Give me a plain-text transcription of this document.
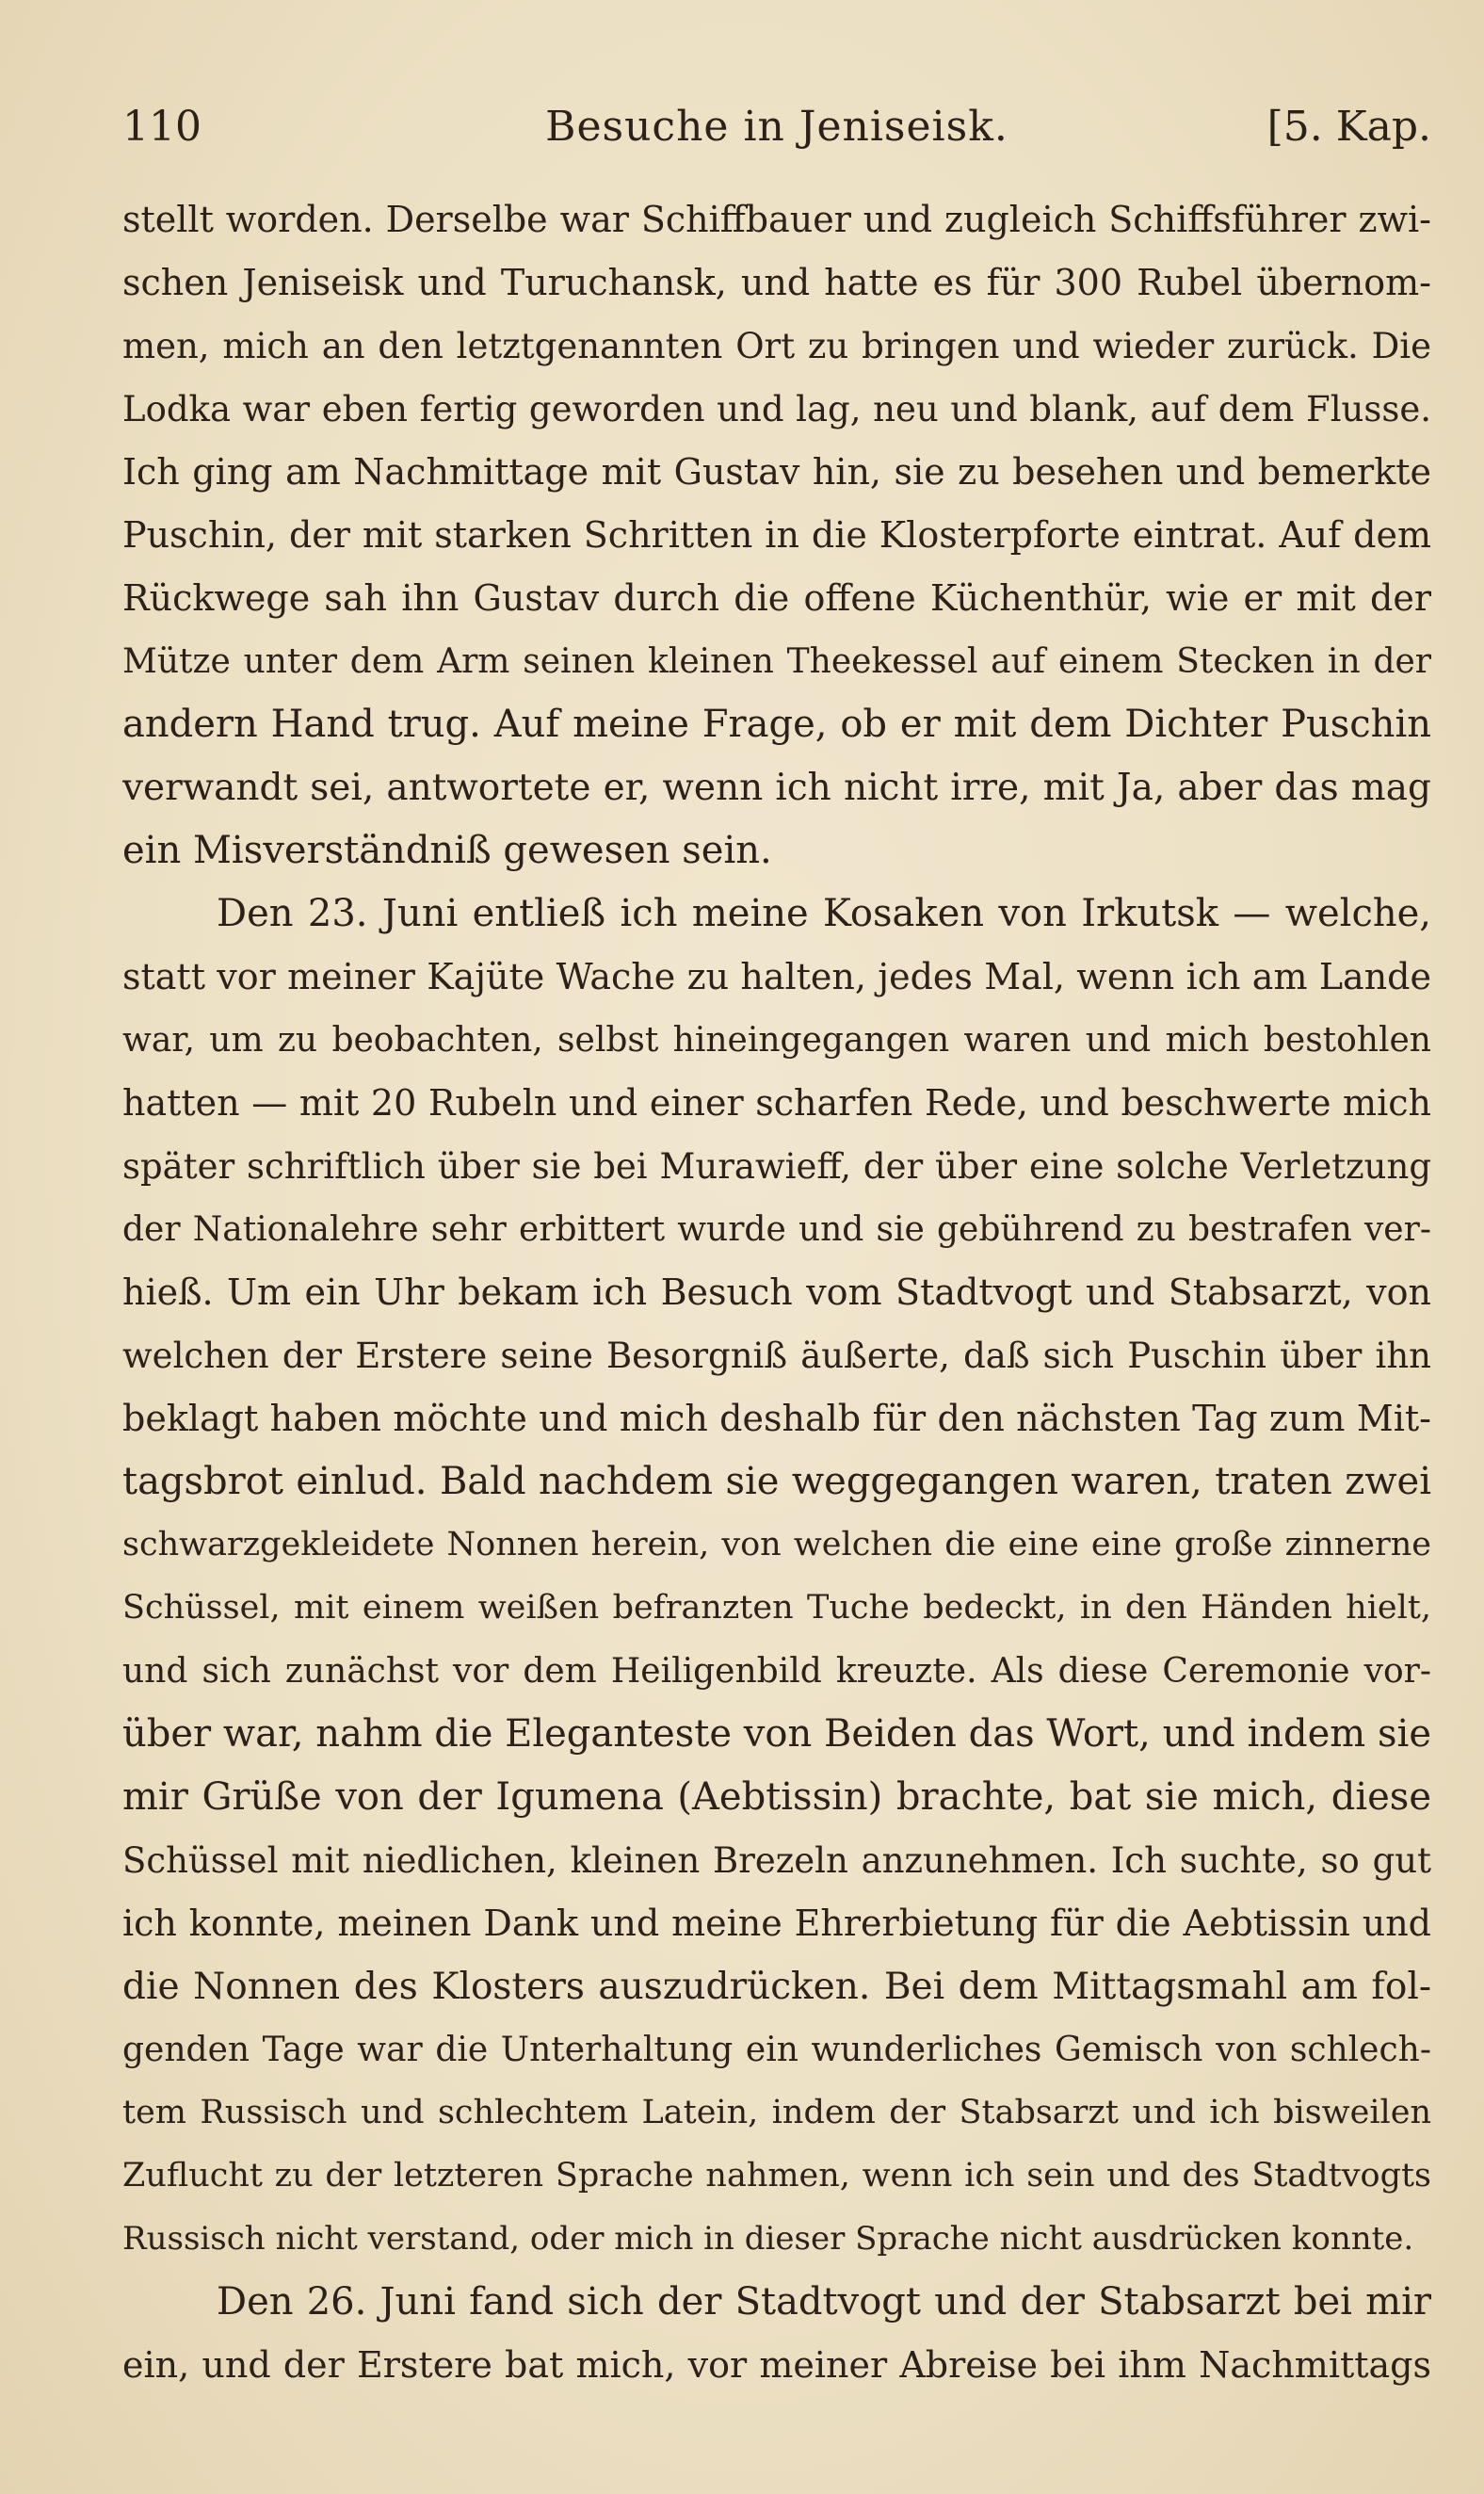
110	Besuche in Jeniseisk.	[5. Kap.
stellt worden. Derselbe war Schiffbauer und zugleich Schiffsführer zwi-
schen Jeniseisk und Turuchansk, und hatte es für 300 Rubel übernom-
men, mich an den letztgenannten Ort zu bringen und wieder zurück. Die
Lodka war eben fertig geworden und lag, neu und blank, auf dem Flusse.
Ich ging am Nachmittage mit Gustav hin, sie zu besehen und bemerkte
Puschin, der mit starken Schritten in die Klosterpforte eintrat. Auf dem
Rückwege sah ihn Gustav durch die offene Küchenthür, wie er mit der
Mütze unter dem Arm seinen kleinen Theekessel auf einem Stecken in der
andern Hand trug. Auf meine Frage, ob er mit dem Dichter Puschin
verwandt sei, antwortete er, wenn ich nicht irre, mit Ja, aber das mag
ein Misverständniß gewesen sein.
Den 23. Juni entließ ich meine Kosaken von Irkutsk — welche,
statt vor meiner Kajüte Wache zu halten, jedes Mal, wenn ich am Lande
war, um zu beobachten, selbst hineingegangen waren und mich bestohlen
hatten — mit 20 Rubeln und einer scharfen Rede, und beschwerte mich
später schriftlich über sie bei Murawieff, der über eine solche Verletzung
der Nationalehre sehr erbittert wurde und sie gebührend zu bestrafen ver-
hieß. Um ein Uhr bekam ich Besuch vom Stadtvogt und Stabsarzt, von
welchen der Erstere seine Besorgniß äußerte, daß sich Puschin über ihn
beklagt haben möchte und mich deshalb für den nächsten Tag zum Mit-
tagsbrot einlud. Bald nachdem sie weggegangen waren, traten zwei
schwarzgekleidete Nonnen herein, von welchen die eine eine große zinnerne
Schüssel, mit einem weißen befranzten Tuche bedeckt, in den Händen hielt,
und sich zunächst vor dem Heiligenbild kreuzte. Als diese Ceremonie vor-
über war, nahm die Eleganteste von Beiden das Wort, und indem sie
mir Grüße von der Igumena (Aebtissin) brachte, bat sie mich, diese
Schüssel mit niedlichen, kleinen Brezeln anzunehmen. Ich suchte, so gut
ich konnte, meinen Dank und meine Ehrerbietung für die Aebtissin und
die Nonnen des Klosters auszudrücken. Bei dem Mittagsmahl am fol-
genden Tage war die Unterhaltung ein wunderliches Gemisch von schlech-
tem Russisch und schlechtem Latein, indem der Stabsarzt und ich bisweilen
Zuflucht zu der letzteren Sprache nahmen, wenn ich sein und des Stadtvogts
Russisch nicht verstand, oder mich in dieser Sprache nicht ausdrücken konnte.
Den 26. Juni fand sich der Stadtvogt und der Stabsarzt bei mir
ein, und der Erstere bat mich, vor meiner Abreise bei ihm Nachmittags
